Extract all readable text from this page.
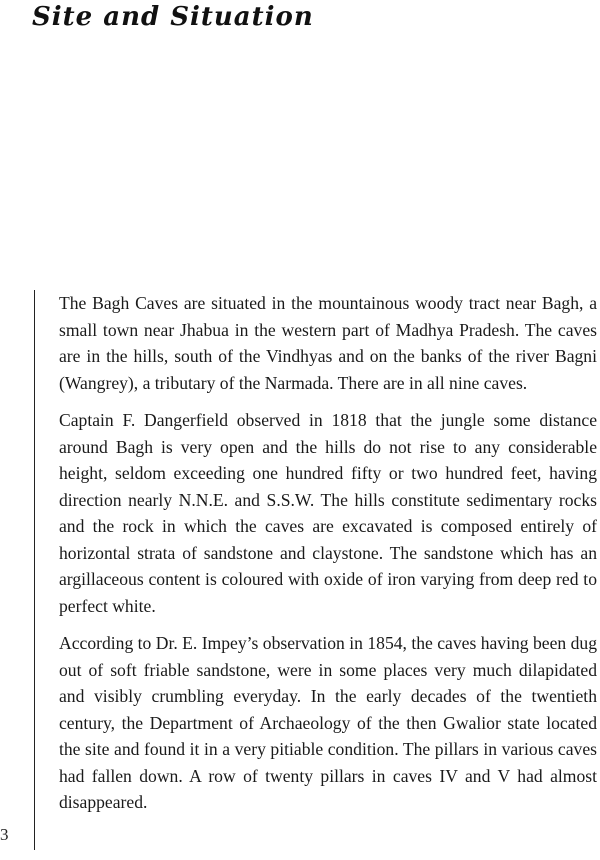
Site and Situation
3

The Bagh Caves are situated in the mountainous woody tract near Bagh, a small town near Jhabua in the western part of Madhya Pradesh. The caves are in the hills, south of the Vindhyas and on the banks of the river Bagni (Wangrey), a tributary of the Narmada. There are in all nine caves.

Captain F. Dangerfield observed in 1818 that the jungle some distance around Bagh is very open and the hills do not rise to any considerable height, seldom exceeding one hundred fifty or two hundred feet, having direction nearly N.N.E. and S.S.W. The hills constitute sedimentary rocks and the rock in which the caves are excavated is composed entirely of horizontal strata of sandstone and claystone. The sandstone which has an argillaceous content is coloured with oxide of iron varying from deep red to perfect white.

According to Dr. E. Impey’s observation in 1854, the caves having been dug out of soft friable sandstone, were in some places very much dilapidated and visibly crumbling everyday. In the early decades of the twentieth century, the Department of Archaeology of the then Gwalior state located the site and found it in a very pitiable condition. The pillars in various caves had fallen down. A row of twenty pillars in caves IV and V had almost disappeared.
